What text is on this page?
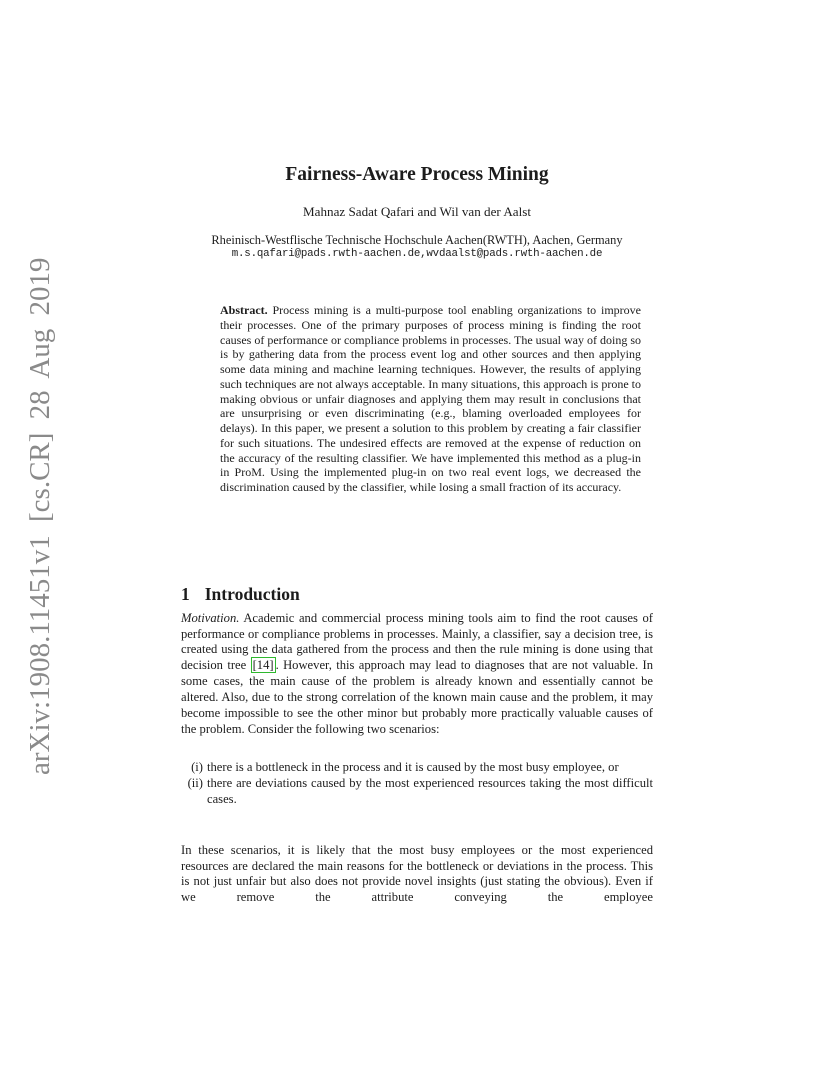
arXiv:1908.11451v1 [cs.CR] 28 Aug 2019
Fairness-Aware Process Mining
Mahnaz Sadat Qafari and Wil van der Aalst
Rheinisch-Westflische Technische Hochschule Aachen(RWTH), Aachen, Germany
m.s.qafari@pads.rwth-aachen.de,wvdaalst@pads.rwth-aachen.de
Abstract. Process mining is a multi-purpose tool enabling organizations to improve their processes. One of the primary purposes of process mining is finding the root causes of performance or compliance problems in processes. The usual way of doing so is by gathering data from the process event log and other sources and then applying some data mining and machine learning techniques. However, the results of applying such techniques are not always acceptable. In many situations, this approach is prone to making obvious or unfair diagnoses and applying them may result in conclusions that are unsurprising or even discriminating (e.g., blaming overloaded employees for delays). In this paper, we present a solution to this problem by creating a fair classifier for such situations. The undesired effects are removed at the expense of reduction on the accuracy of the resulting classifier. We have implemented this method as a plug-in in ProM. Using the implemented plug-in on two real event logs, we decreased the discrimination caused by the classifier, while losing a small fraction of its accuracy.
1 Introduction

Motivation. Academic and commercial process mining tools aim to find the root causes of performance or compliance problems in processes. Mainly, a classifier, say a decision tree, is created using the data gathered from the process and then the rule mining is done using that decision tree [14] . However, this approach may lead to diagnoses that are not valuable. In some cases, the main cause of the problem is already known and essentially cannot be altered. Also, due to the strong correlation of the known main cause and the problem, it may become impossible to see the other minor but probably more practically valuable causes of the problem. Consider the following two scenarios:

(i) there is a bottleneck in the process and it is caused by the most busy employee, or
(ii) there are deviations caused by the most experienced resources taking the most difficult cases.

In these scenarios, it is likely that the most busy employees or the most experienced resources are declared the main reasons for the bottleneck or deviations in the process. This is not just unfair but also does not provide novel insights (just stating the obvious). Even if we remove the attribute conveying the employee
